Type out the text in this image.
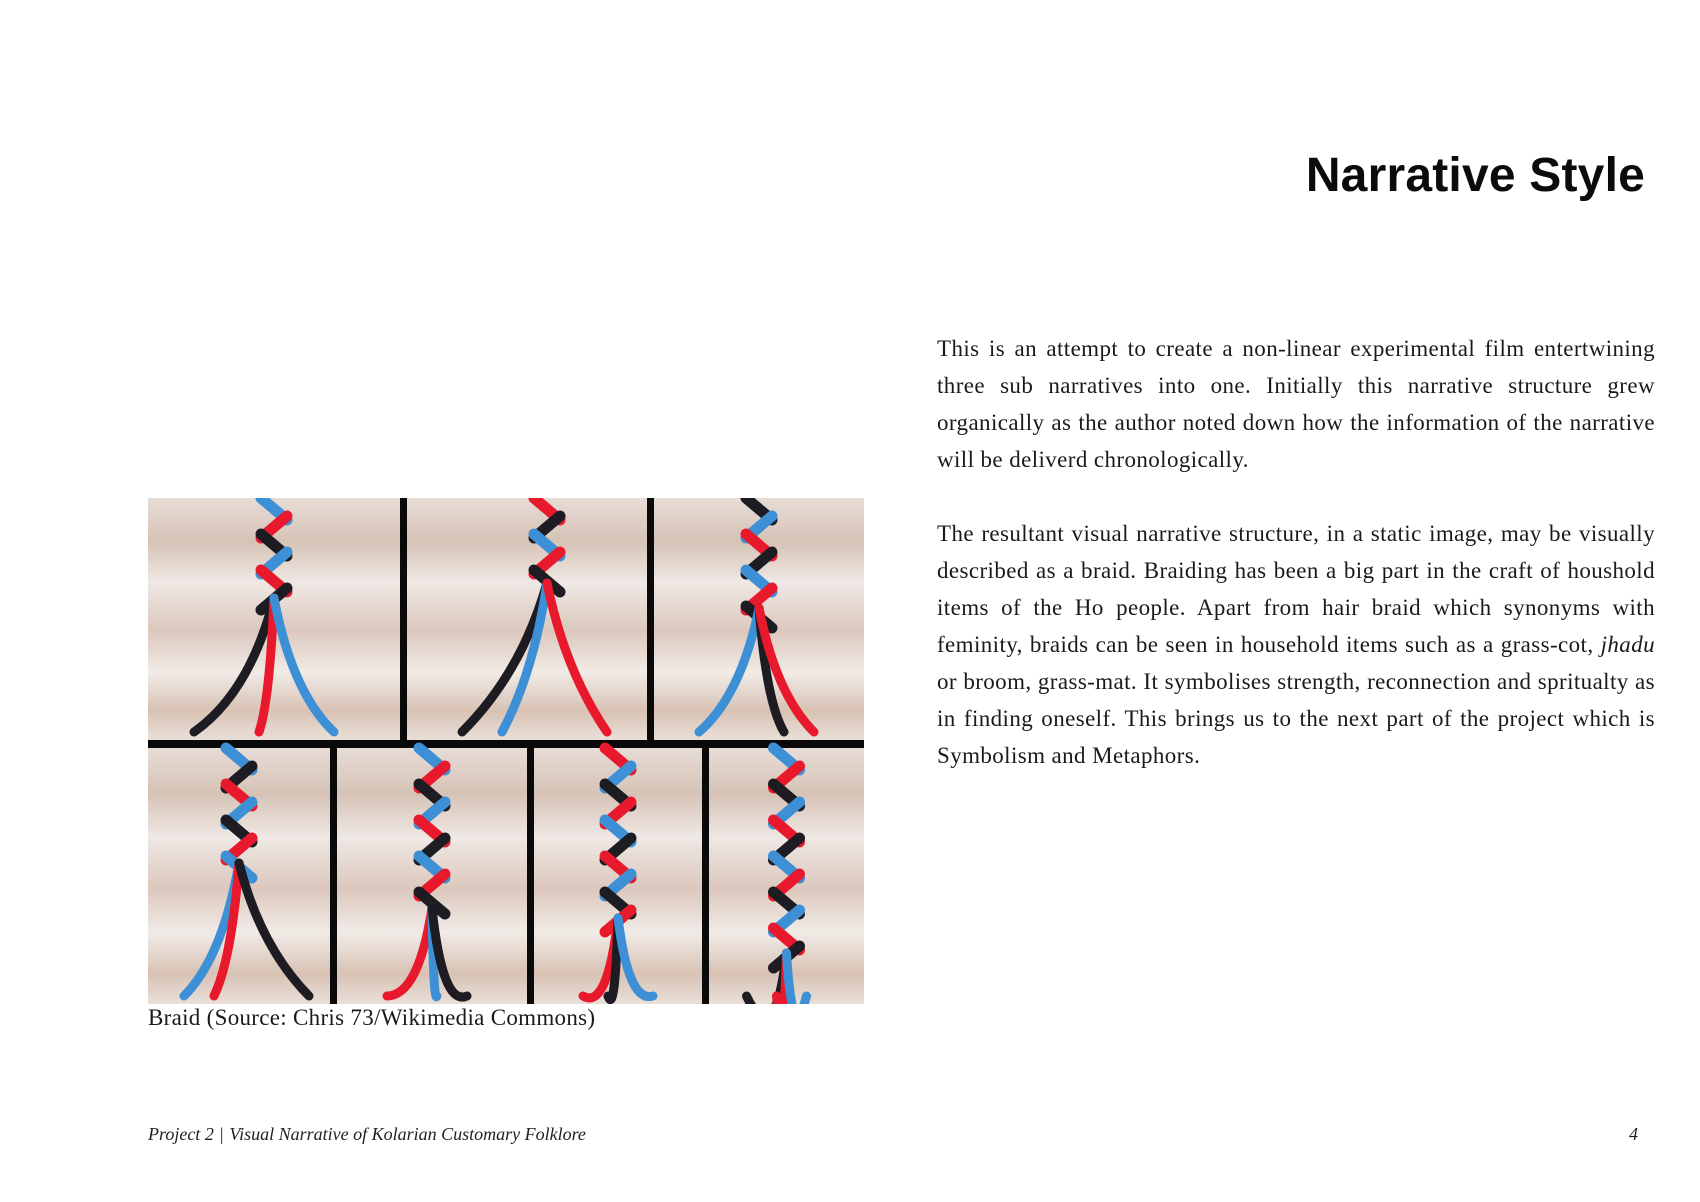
Narrative Style

This is an attempt to create a non-linear experimental film entertwining three sub narratives into one. Initially this narrative structure grew organically as the author noted down how the information of the narrative will be deliverd chronologically.

The resultant visual narrative structure, in a static image, may be visually described as a braid. Braiding has been a big part in the craft of houshold items of the Ho people. Apart from hair braid which synonyms with feminity, braids can be seen in household items such as a grass-cot, jhadu or broom, grass-mat. It symbolises strength, reconnection and spritualty as in finding oneself. This brings us to the next part of the project which is Symbolism and Metaphors.

Braid (Source: Chris 73/Wikimedia Commons)
Project 2 | Visual Narrative of Kolarian Customary Folklore	4
